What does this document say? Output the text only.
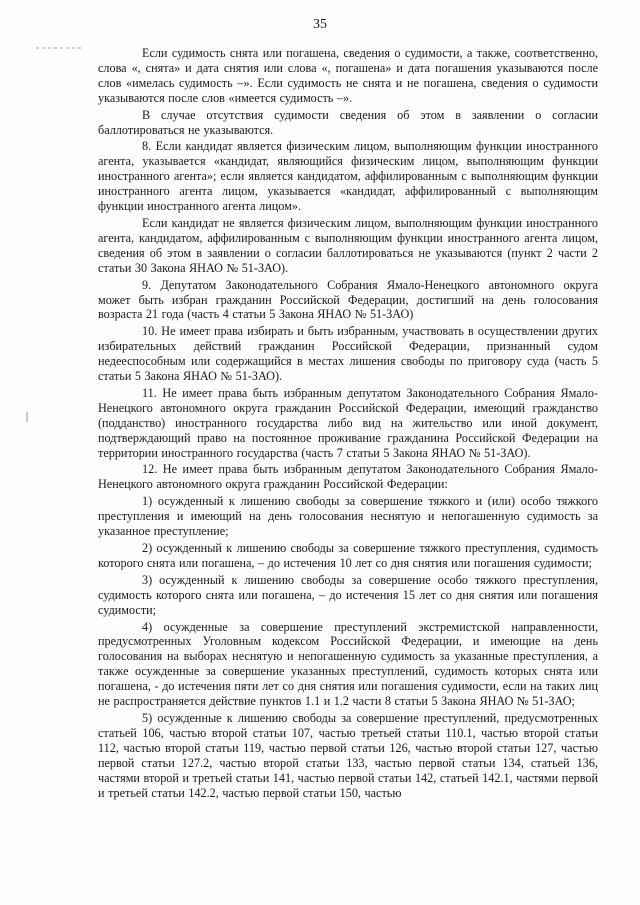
35

Если судимость снята или погашена, сведения о судимости, а также, соответственно, слова «, снята» и дата снятия или слова «, погашена» и дата погашения указываются после слов «имелась судимость –». Если судимость не снята и не погашена, сведения о судимости указываются после слов «имеется судимость –».

В случае отсутствия судимости сведения об этом в заявлении о согласии баллотироваться не указываются.

8. Если кандидат является физическим лицом, выполняющим функции иностранного агента, указывается «кандидат, являющийся физическим лицом, выполняющим функции иностранного агента»; если является кандидатом, аффилированным с выполняющим функции иностранного агента лицом, указывается «кандидат, аффилированный с выполняющим функции иностранного агента лицом».

Если кандидат не является физическим лицом, выполняющим функции иностранного агента, кандидатом, аффилированным с выполняющим функции иностранного агента лицом, сведения об этом в заявлении о согласии баллотироваться не указываются (пункт 2 части 2 статьи 30 Закона ЯНАО № 51-ЗАО).

9. Депутатом Законодательного Собрания Ямало-Ненецкого автономного округа может быть избран гражданин Российской Федерации, достигший на день голосования возраста 21 года (часть 4 статьи 5 Закона ЯНАО № 51-ЗАО)

10. Не имеет права избирать и быть избранным, участвовать в осуществлении других избирательных действий гражданин Российской Федерации, признанный судом недееспособным или содержащийся в местах лишения свободы по приговору суда (часть 5 статьи 5 Закона ЯНАО № 51-ЗАО).

11. Не имеет права быть избранным депутатом Законодательного Собрания Ямало-Ненецкого автономного округа гражданин Российской Федерации, имеющий гражданство (подданство) иностранного государства либо вид на жительство или иной документ, подтверждающий право на постоянное проживание гражданина Российской Федерации на территории иностранного государства (часть 7 статьи 5 Закона ЯНАО № 51-ЗАО).

12. Не имеет права быть избранным депутатом Законодательного Собрания Ямало-Ненецкого автономного округа гражданин Российской Федерации:

1) осужденный к лишению свободы за совершение тяжкого и (или) особо тяжкого преступления и имеющий на день голосования неснятую и непогашенную судимость за указанное преступление;

2) осужденный к лишению свободы за совершение тяжкого преступления, судимость которого снята или погашена, – до истечения 10 лет со дня снятия или погашения судимости;

3) осужденный к лишению свободы за совершение особо тяжкого преступления, судимость которого снята или погашена, – до истечения 15 лет со дня снятия или погашения судимости;

4) осужденные за совершение преступлений экстремистской направленности, предусмотренных Уголовным кодексом Российской Федерации, и имеющие на день голосования на выборах неснятую и непогашенную судимость за указанные преступления, а также осужденные за совершение указанных преступлений, судимость которых снята или погашена, - до истечения пяти лет со дня снятия или погашения судимости, если на таких лиц не распространяется действие пунктов 1.1 и 1.2 части 8 статьи 5 Закона ЯНАО № 51-ЗАО;

5) осужденные к лишению свободы за совершение преступлений, предусмотренных статьей 106, частью второй статьи 107, частью третьей статьи 110.1, частью второй статьи 112, частью второй статьи 119, частью первой статьи 126, частью второй статьи 127, частью первой статьи 127.2, частью второй статьи 133, частью первой статьи 134, статьей 136, частями второй и третьей статьи 141, частью первой статьи 142, статьей 142.1, частями первой и третьей статьи 142.2, частью первой статьи 150, частью
